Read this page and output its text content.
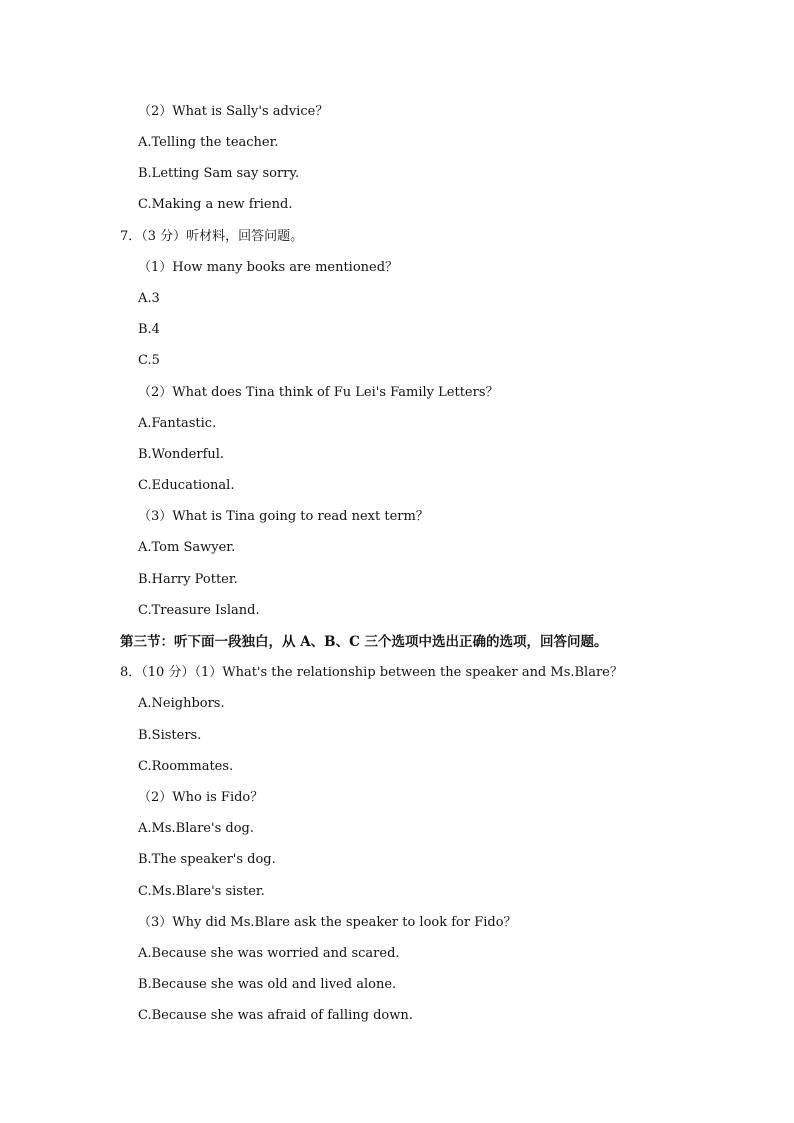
（2）What is Sally's advice？
A.Telling the teacher.
B.Letting Sam say sorry.
C.Making a new friend.
7．（3 分）听材料，回答问题。
（1）How many books are mentioned？
A.3
B.4
C.5
（2）What does Tina think of Fu Lei's Family Letters？
A.Fantastic.
B.Wonderful.
C.Educational.
（3）What is Tina going to read next term？
A.Tom Sawyer.
B.Harry Potter.
C.Treasure Island.
第三节：听下面一段独白，从 A、B、C 三个选项中选出正确的选项，回答问题。
8．（10 分）（1）What's the relationship between the speaker and Ms.Blare？
A.Neighbors.
B.Sisters.
C.Roommates.
（2）Who is Fido？
A.Ms.Blare's dog.
B.The speaker's dog.
C.Ms.Blare's sister.
（3）Why did Ms.Blare ask the speaker to look for Fido？
A.Because she was worried and scared.
B.Because she was old and lived alone.
C.Because she was afraid of falling down.
